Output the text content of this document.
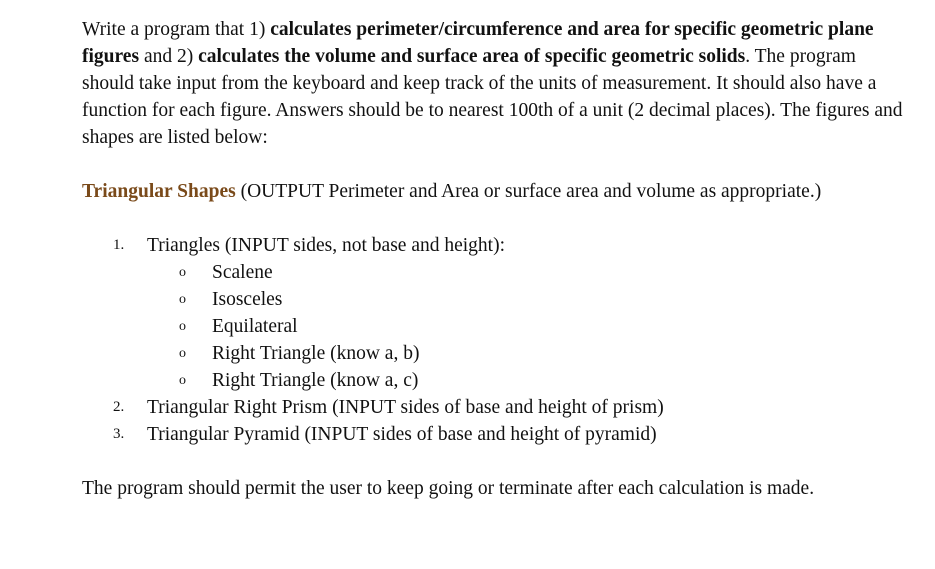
Write a program that 1) calculates perimeter/circumference and area for specific geometric plane figures and 2) calculates the volume and surface area of specific geometric solids. The program should take input from the keyboard and keep track of the units of measurement. It should also have a function for each figure. Answers should be to nearest 100th of a unit (2 decimal places). The figures and shapes are listed below:

Triangular Shapes (OUTPUT Perimeter and Area or surface area and volume as appropriate.)

1. Triangles (INPUT sides, not base and height):
o Scalene
o Isosceles
o Equilateral
o Right Triangle (know a, b)
o Right Triangle (know a, c)
2. Triangular Right Prism (INPUT sides of base and height of prism)
3. Triangular Pyramid (INPUT sides of base and height of pyramid)

The program should permit the user to keep going or terminate after each calculation is made.
